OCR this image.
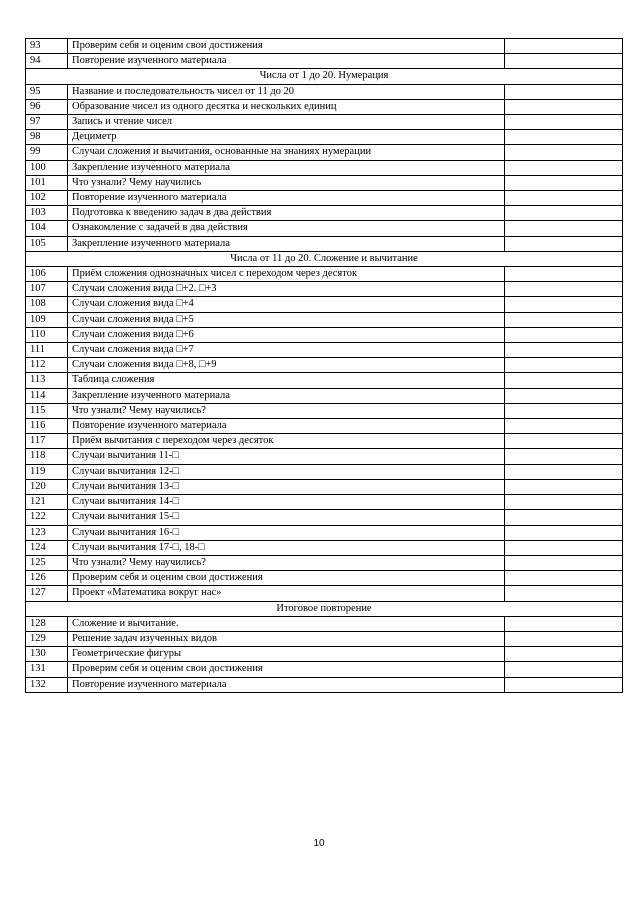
93	Проверим себя и оценим свои достижения	
94	Повторение изученного материала	
Числа от 1 до 20. Нумерация		
95	Название и последовательность чисел от 11 до 20	
96	Образование чисел из одного десятка и нескольких единиц	
97	Запись и чтение чисел	
98	Дециметр	
99	Случаи сложения и вычитания, основанные на знаниях нумерации	
100	Закрепление изученного материала	
101	Что узнали? Чему научились	
102	Повторение изученного материала	
103	Подготовка к введению задач в два действия	
104	Ознакомление с задачей в два действия	
105	Закрепление изученного материала	
Числа от 11 до 20. Сложение и вычитание		
106	Приём сложения однозначных чисел с переходом через десяток	
107	Случаи сложения вида □+2. □+3	
108	Случаи сложения вида □+4	
109	Случаи сложения вида □+5	
110	Случаи сложения вида □+6	
111	Случаи сложения вида □+7	
112	Случаи сложения вида □+8, □+9	
113	Таблица сложения	
114	Закрепление изученного материала	
115	Что узнали? Чему научились?	
116	Повторение изученного материала	
117	Приём вычитания с переходом через десяток	
118	Случаи вычитания 11-□	
119	Случаи вычитания 12-□	
120	Случаи вычитания 13-□	
121	Случаи вычитания 14-□	
122	Случаи вычитания 15-□	
123	Случаи вычитания 16-□	
124	Случаи вычитания 17-□, 18-□	
125	Что узнали? Чему научились?	
126	Проверим себя и оценим свои достижения	
127	Проект «Математика вокруг нас»	
Итоговое повторение		
128	Сложение и вычитание.	
129	Решение задач изученных видов	
130	Геометрические фигуры	
131	Проверим себя и оценим свои достижения	
132	Повторение изученного материала	
10
